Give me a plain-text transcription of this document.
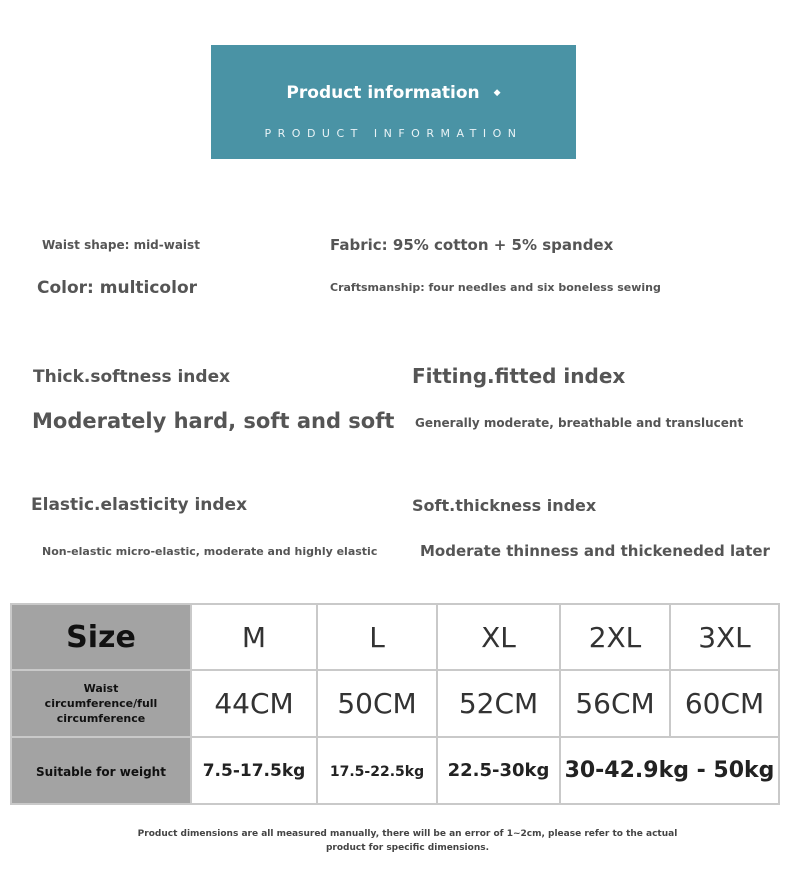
Product information ◆
PRODUCT INFORMATION
Waist shape: mid-waist	Fabric: 95% cotton + 5% spandex
Color: multicolor	Craftsmanship: four needles and six boneless sewing
Thick.softness index	Fitting.fitted index
Moderately hard, soft and soft Generally moderate, breathable and translucent
Elastic.elasticity index	Soft.thickness index
Non-elastic micro-elastic, moderate and highly elastic	Moderate thinness and thickeneded later
Size	M	L	XL	2XL	3XL

Waist circumference/full circumference	44CM	50CM	52CM	56CM	60CM
Suitable for weight	7.5-17.5kg	17.5-22.5kg	22.5-30kg	30-42.9kg - 50kg	
Product dimensions are all measured manually, there will be an error of 1~2cm, please refer to the actual product for specific dimensions.
